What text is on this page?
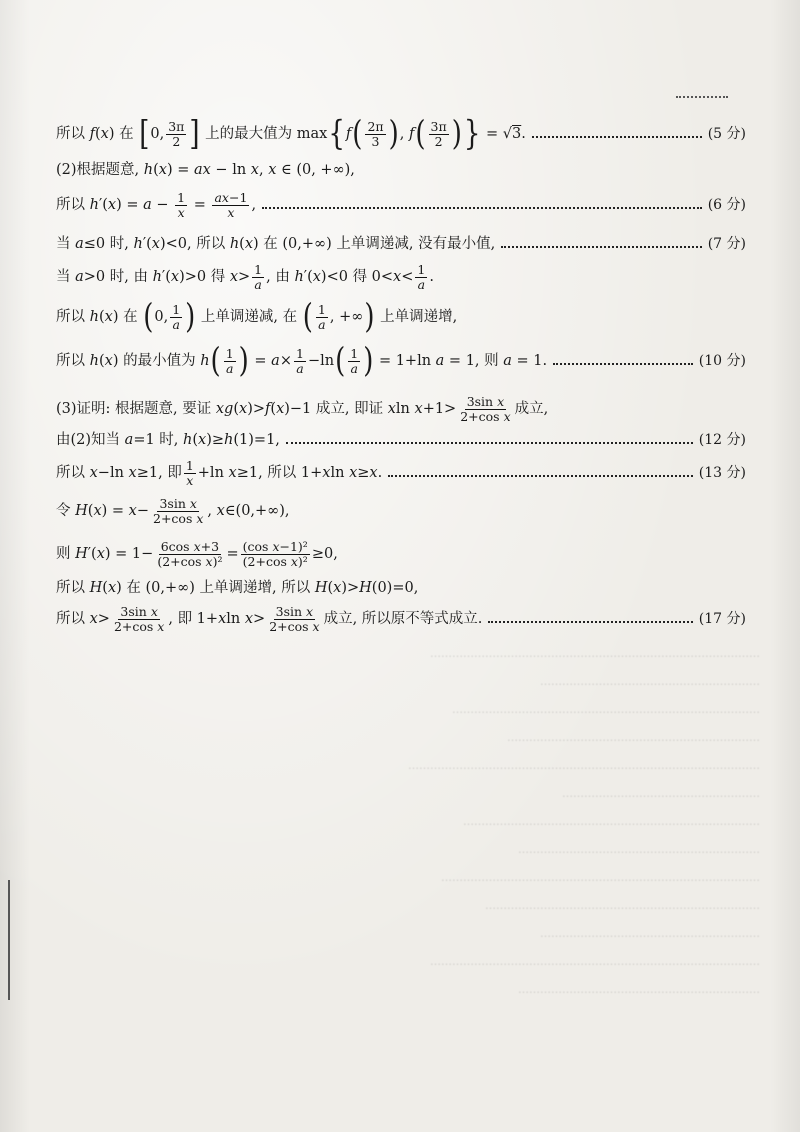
………………………………………………………………………………
……………………………………………………
…………………………………………………………………………
……………………………………………………………
……………………………………………………………………………………
………………………………………………
………………………………………………………………………
…………………………………………………………
……………………………………………………………………………
…………………………………………………………………
……………………………………………………
………………………………………………………………………………
…………………………………………………………
所以 f ( x ) 在 [ 0, $\frac{3\pi}{2}$ ] 上的最大值为 max { f ( $\frac{2\pi}{3}$ ) , f ( $\frac{3\pi}{2}$ ) } = √ 3 .	(5 分)
(2)根据题意, h ( x ) = ax − ln x , x ∈ (0, +∞),
所以 h ′( x ) = $a - \frac{1}{x} = \frac{ax-1}{x}$ ,	(6 分)
当 a ≤0 时, h ′( x )<0, 所以 h ( x ) 在 (0,+∞) 上单调递减, 没有最小值,	(7 分)
当 a >0 时, 由 h ′( x )>0 得 $x > \frac{1}{a}$ , 由 h ′( x )<0 得 $0< x < \frac{1}{a}$ .
所以 h ( x ) 在 ( 0, $\frac{1}{a}$ ) 上单调递减, 在 ( $\frac{1}{a}$ , +∞ ) 上单调递增,
所以 h ( x ) 的最小值为 h ( $\frac{1}{a}$ ) = $a \times \frac{1}{a} -\ln$ ( $\frac{1}{a}$ ) = 1+ln a = 1, 则 a = 1.	(10 分)
(3)证明: 根据题意, 要证 xg ( x )> f ( x )−1 成立, 即证 x $\ln x +1> \frac{\text{3sin x}}{\text{2+cos x}}$ 成立,
由(2)知当 a =1 时, h ( x )≥ h (1)=1,	(12 分)
所以 x −ln x ≥1, 即 $\frac{1}{x} +\ln$ x ≥1, 所以 1+ x ln x ≥ x .	(13 分)
令 H ( x ) = $x - \frac{\text{3sin x}}{\text{2+cos x}}$ , x ∈(0,+∞),
则 H ′( x ) = $1- \frac{\text{6cos x+3}}{\text{(2+cos x)²}} = \frac{\text{(cos x−1)²}}{\text{(2+cos x)²}} \ge 0$,
所以 H ( x ) 在 (0,+∞) 上单调递增, 所以 H ( x )> H (0)=0,
所以 $x > \frac{\text{3sin x}}{\text{2+cos x}}$ , 即 1+ x $\ln x > \frac{\text{3sin x}}{\text{2+cos x}}$ 成立, 所以原不等式成立.	(17 分)
